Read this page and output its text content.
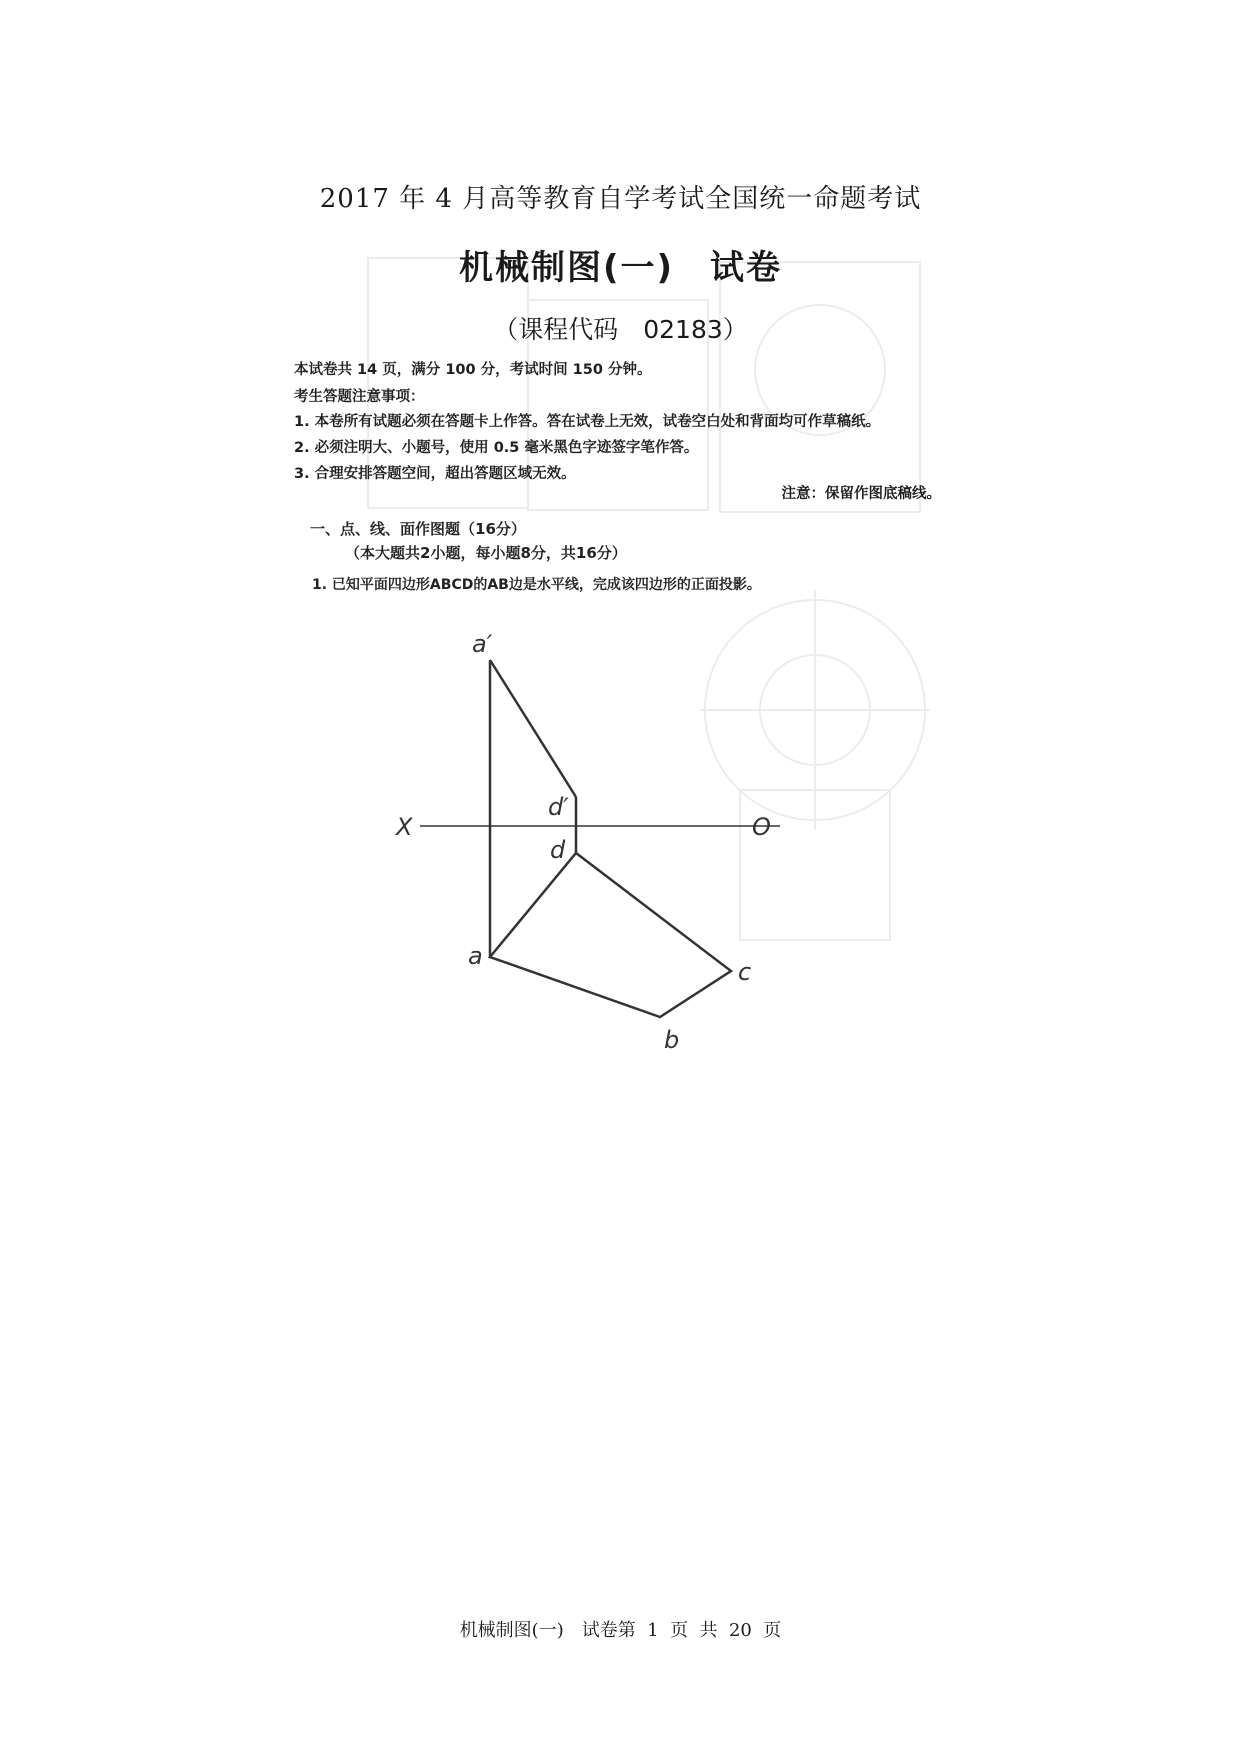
2017 年 4 月高等教育自学考试全国统一命题考试
机械制图(一)　试卷
（课程代码　02183）
本试卷共 14 页，满分 100 分，考试时间 150 分钟。
考生答题注意事项：
1. 本卷所有试题必须在答题卡上作答。答在试卷上无效，试卷空白处和背面均可作草稿纸。
2. 必须注明大、小题号，使用 0.5 毫米黑色字迹签字笔作答。
3. 合理安排答题空间，超出答题区域无效。
注意：保留作图底稿线。
一、点、线、面作图题（16分）
（本大题共2小题，每小题8分，共16分）
1. 已知平面四边形ABCD的AB边是水平线，完成该四边形的正面投影。
a′
d′
d
a
c
b
X	O
机械制图(一)　试卷第  1  页  共  20  页
